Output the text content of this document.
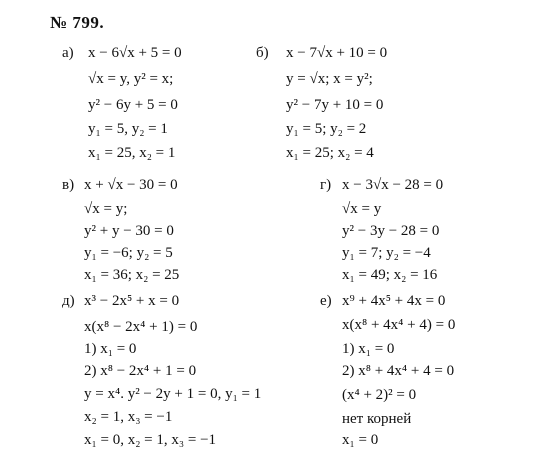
№ 799.
а) x − 6√x + 5 = 0
√x = y, y² = x;
y² − 6y + 5 = 0
y₁ = 5, y₂ = 1
x₁ = 25, x₂ = 1
б) x − 7√x + 10 = 0
y = √x; x = y²;
y² − 7y + 10 = 0
y₁ = 5; y₂ = 2
x₁ = 25; x₂ = 4
в) x + √x − 30 = 0
√x = y;
y² + y − 30 = 0
y₁ = −6; y₂ = 5
x₁ = 36; x₂ = 25
г) x − 3√x − 28 = 0
√x = y
y² − 3y − 28 = 0
y₁ = 7; y₂ = −4
x₁ = 49; x₂ = 16
д) x³ − 2x⁵ + x = 0
x(x⁸ − 2x⁴ + 1) = 0
1) x₁ = 0
2) x⁸ − 2x⁴ + 1 = 0
y = x⁴. y² − 2y + 1 = 0, y₁ = 1
x₂ = 1, x₃ = −1
x₁ = 0, x₂ = 1, x₃ = −1
е) x⁹ + 4x⁵ + 4x = 0
x(x⁸ + 4x⁴ + 4) = 0
1) x₁ = 0
2) x⁸ + 4x⁴ + 4 = 0
(x⁴ + 2)² = 0
нет корней
x₁ = 0
